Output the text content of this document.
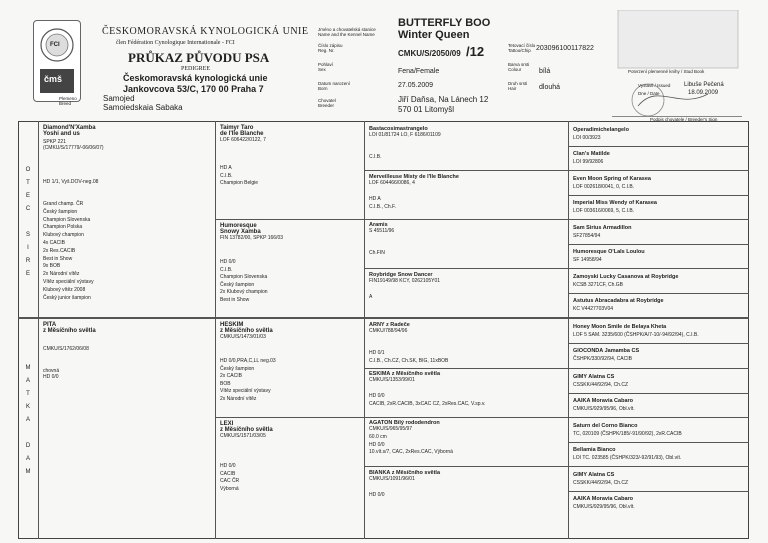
FCI
čmš
ČESKOMORAVSKÁ KYNOLOGICKÁ UNIE
člen Fédération Cynologique Internationale - FCI
PRŮKAZ PŮVODU PSA
PEDIGREE
Českomoravská kynologická unie
Jankovcova 53/C, 170 00 Praha 7
Plemeno
Breed
Samojed
Samoiedskaia Sabaka
Jméno a chovatelská stanice
Name and the Kennel Name
Číslo zápisu
Reg. Nr.
Pohlaví
Sex
Datum narození
Born
Chovatel
Breeder
BUTTERFLY BOO
Winter Queen
CMKU/S/2050/09 /12
Fena/Female
27.05.2009
Jiří Daňsa, Na Lánech 12
570 01 Litomyšl
Tetovací číslo
Tattoo/Chip
Barva srsti
Colour
Druh srsti
Hair
203096100117822
bílá
dlouhá
Potvrzení plemenné knihy / Stud Book
Vystavil / Issued Libuše Pečená
Dne / Date	18.09.2009
Podpis chovatele / Breeder's Sign
O
T
E
C
S
I
R
E
M
A
T
K
A
D
A
M
Diamond'N'Xamba
Yoshi and us
SPKP 221
(CMKU/S/17779/-06/06/07)
HD 1/1, Vyš.DOV-neg.08
Grand champ. ČR
Český šampion
Champion Slovenska
Champion Polska
Klubový champion
4x CACIB
2x Res.CACIB
Best in Show
9x BOB
2x Národní vítěz
Vítěz speciální výstavy
Klubový vítěz 2008
Český junior šampion
PITA
z Měsíčního světla
CMKU/S/1762/06/08
chovná
HD 0/0
Taimyr Taro
de l'Ile Blanche
LOF 606422/0122, 7
HD A
C.I.B.
Champion Belgie
Humoresque
Snowy Xamba
FIN 13782/00, SPKP 166/03
HD 0/0
C.I.B.
Champion Slovenska
Český šampion
2x Klubový champion
Best in Show
HESKIM
z Měsíčního světla
CMKU/S/1473/01/03
HD 0/0,PRA,C,LL neg.03
Český šampion
2x CACIB
BOB
Vítěz speciální výstavy
2x Národní vítěz
LEXI
z Měsíčního světla
CMKU/S/1571/03/05
HD 0/0
CACIB
CAC ČR
Výborná
Bastacosimastrangelo
LOI 01/81724 LO, F 6186/01109
C.I.B.
Merveilleuse Misty de l'Ile Blanche
LOF 604466/0086, 4
HD A
C.I.B., Ch.F.
Aramis
S 45511/96
Ch.FIN
Roybridge Snow Dancer
FIN19149/98 KCY, 0262105Y01
A
ARNY z Radeče
CMKU/788/94/96
HD 0/1
C.I.B., Ch.CZ, Ch.SK, BIG, 11xBOB
ESKIMA z Měsíčního světla
CMKU/S/1353/99/01
HD 0/0
CACIB, 2xR.CACIB, 3xCAC CZ, 2xRes.CAC, V.sp.v.
AGATON Bílý rododendron
CMKU/S/965/95/97
60.0 cm
HD 0/0
10.vít.s/7, CAC, 2xRes.CAC, Výborná
BIANKA z Měsíčního světla
CMKU/S/1091/96/01
HD 0/0
Operadimichelangelo
LOI 00/3923
Clan's Matilde
LOI 99/92806
Even Moon Spring of Karasea
LOF 002618/0041, 0, C.I.B.
Imperial Miss Wendy of Karasea
LOF 003616/0069, 5, C.I.B.
Sam Sirius Armadillon
SF27854/94
Humoresque O'Lals Loulou
SF 14958/94
Zamoyski Lucky Casanova at Roybridge
KCSB 3271CF, Ch.GB
Astutus Abracadabra at Roybridge
KC V4427703V04
Honey Moon Smile de Belaya Kheta
LOF 5 SAM. 3235/600 (ČSHPK/A/7-10/-94/92/94), C.I.B.
GIOCONDA Jamamba CS
ČSHPK/330/92/94, CACIB
GIMY Alatna CS
CSSKK/44/92/94, Ch.CZ
AAIKA Moravia Cabaro
CMKU/S/929/95/96, Obl.vít.
Saturn del Corno Bianco
TC, 020109 (ČSHPK/185/-91/90/92), 2xR.CACIB
Bellamia Bianco
LOI TC. 023585 (ČSHPK/323/-92/91/93), Obl.vít.
GIMY Alatna CS
CSSKK/44/92/94, Ch.CZ
AAIKA Moravia Cabaro
CMKU/S/929/95/96, Obl.vít.
